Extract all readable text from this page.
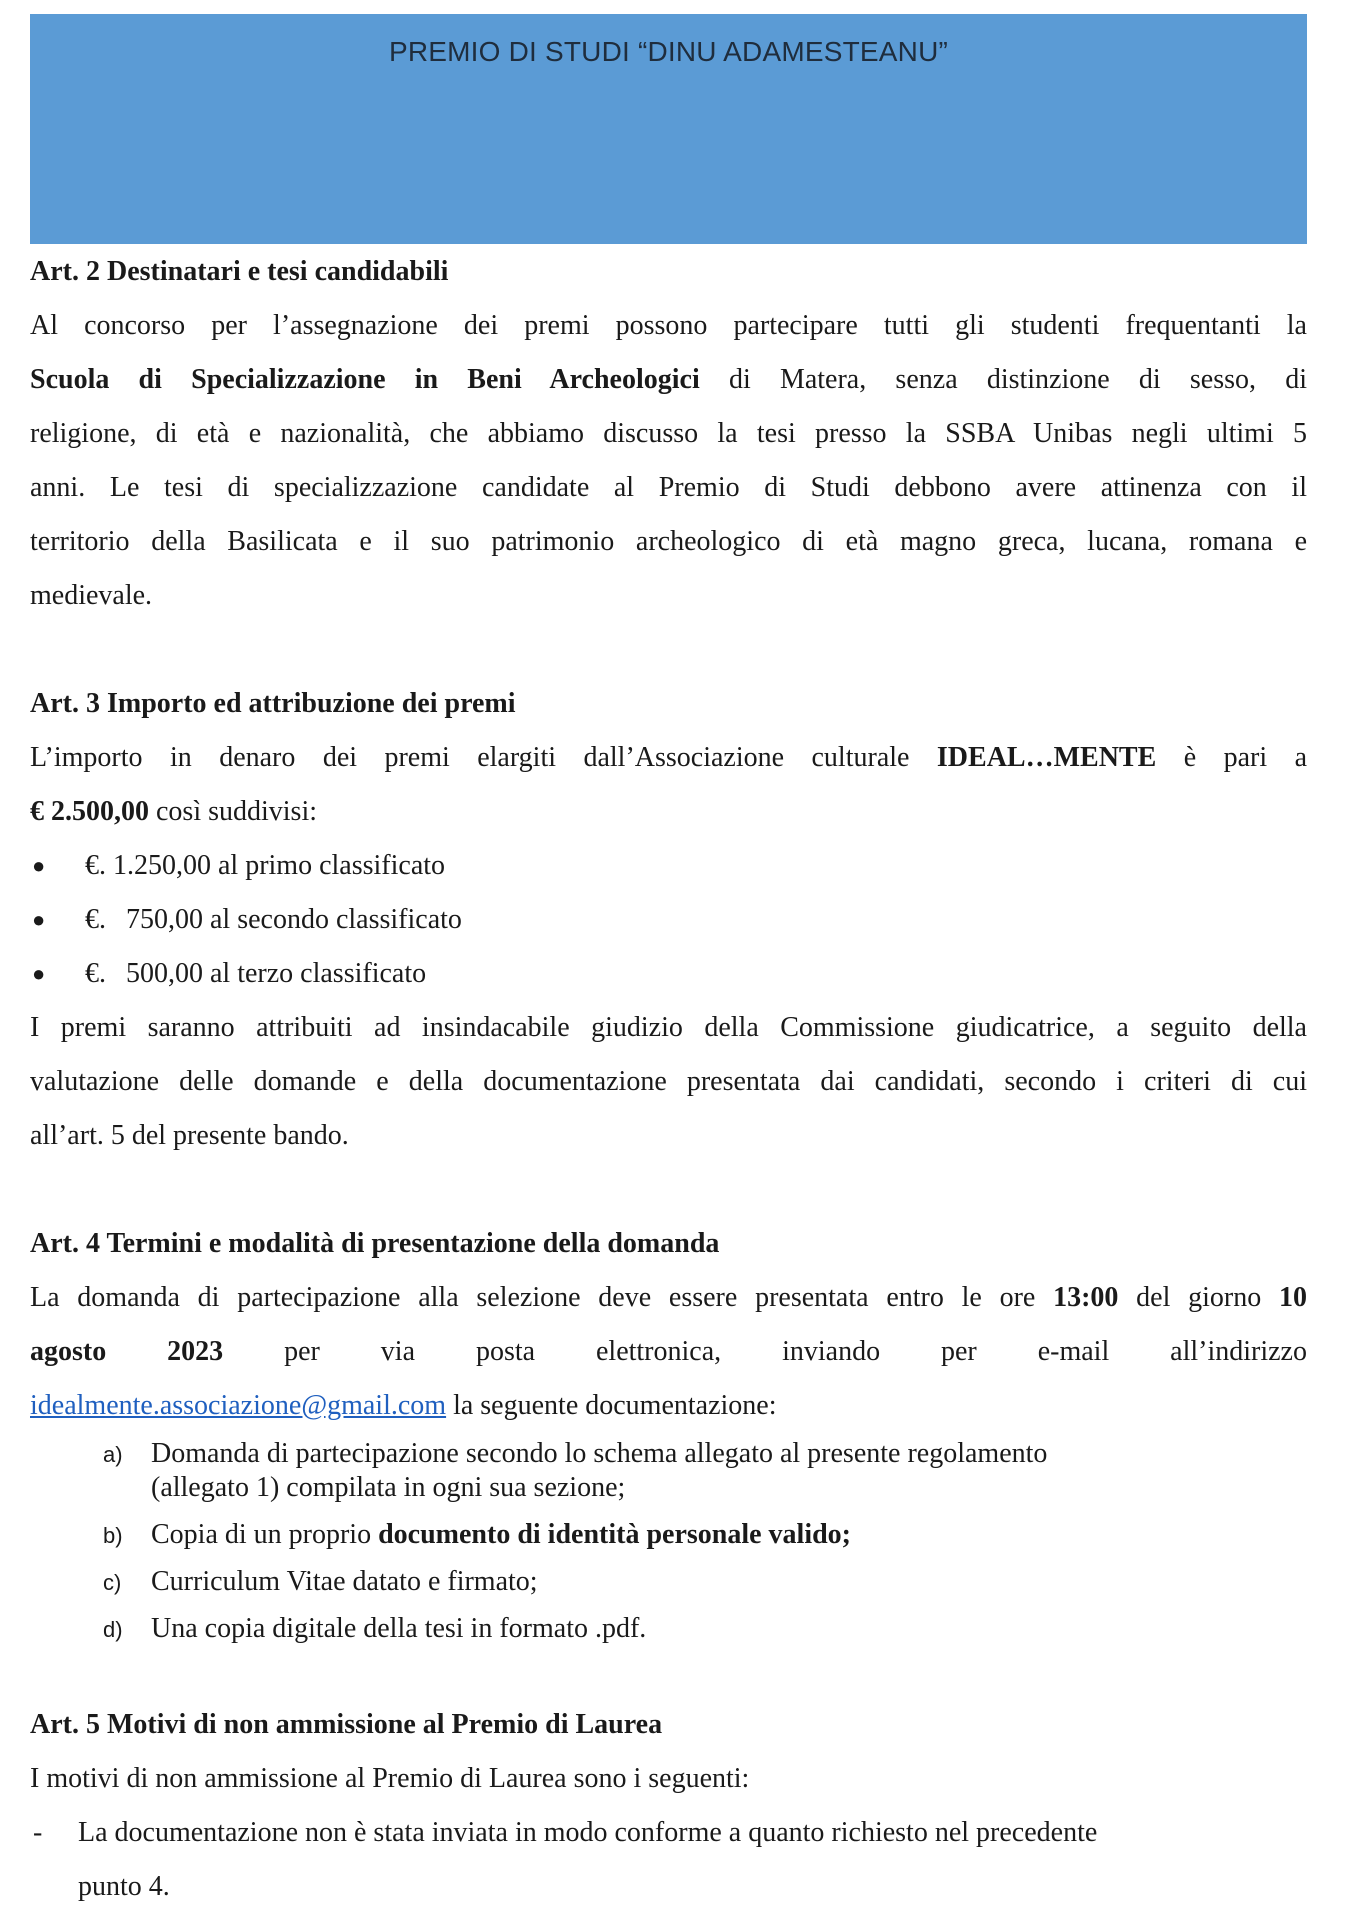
PREMIO DI STUDI “DINU ADAMESTEANU”
Art. 2 Destinatari e tesi candidabili
Al concorso per l’assegnazione dei premi possono partecipare tutti gli studenti frequentanti la
Scuola di Specializzazione in Beni Archeologici di Matera, senza distinzione di sesso, di
religione, di età e nazionalità, che abbiamo discusso la tesi presso la SSBA Unibas negli ultimi 5
anni. Le tesi di specializzazione candidate al Premio di Studi debbono avere attinenza con il
territorio della Basilicata e il suo patrimonio archeologico di età magno greca, lucana, romana e
medievale.
Art. 3 Importo ed attribuzione dei premi
L’importo in denaro dei premi elargiti dall’Associazione culturale IDEAL…MENTE è pari a
€ 2.500,00 così suddivisi:
● €. 1.250,00 al primo classificato
● €. 750,00 al secondo classificato
● €. 500,00 al terzo classificato
I premi saranno attribuiti ad insindacabile giudizio della Commissione giudicatrice, a seguito della
valutazione delle domande e della documentazione presentata dai candidati, secondo i criteri di cui
all’art. 5 del presente bando.
Art. 4 Termini e modalità di presentazione della domanda
La domanda di partecipazione alla selezione deve essere presentata entro le ore 13:00 del giorno 10
agosto 2023 per via posta elettronica, inviando per e-mail all’indirizzo
idealmente.associazione@gmail.com la seguente documentazione:
a) Domanda di partecipazione secondo lo schema allegato al presente regolamento
(allegato 1) compilata in ogni sua sezione;
b) Copia di un proprio documento di identità personale valido;
c) Curriculum Vitae datato e firmato;
d) Una copia digitale della tesi in formato .pdf.
Art. 5 Motivi di non ammissione al Premio di Laurea
I motivi di non ammissione al Premio di Laurea sono i seguenti:
- La documentazione non è stata inviata in modo conforme a quanto richiesto nel precedente
punto 4.
